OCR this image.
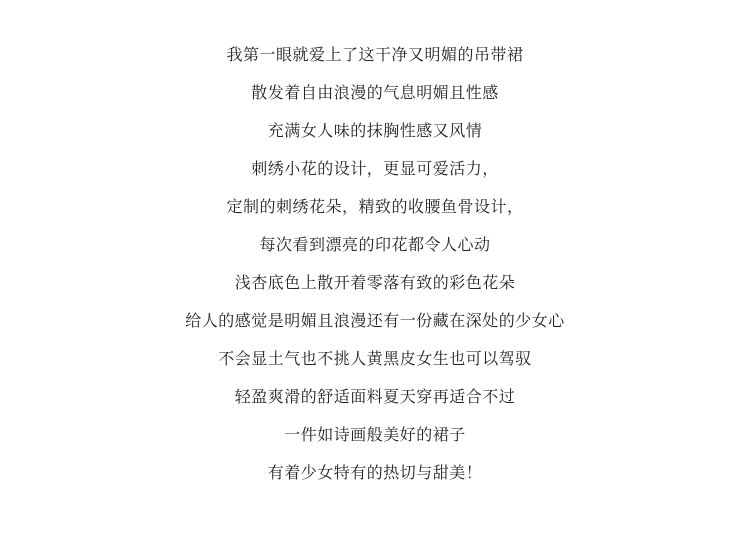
我第一眼就爱上了这干净又明媚的吊带裙
散发着自由浪漫的气息明媚且性感
充满女人味的抹胸性感又风情
刺绣小花的设计，更显可爱活力，
定制的刺绣花朵，精致的收腰鱼骨设计，
每次看到漂亮的印花都令人心动
浅杏底色上散开着零落有致的彩色花朵
给人的感觉是明媚且浪漫还有一份藏在深处的少女心
不会显土气也不挑人黄黑皮女生也可以驾驭
轻盈爽滑的舒适面料夏天穿再适合不过
一件如诗画般美好的裙子
有着少女特有的热切与甜美！
